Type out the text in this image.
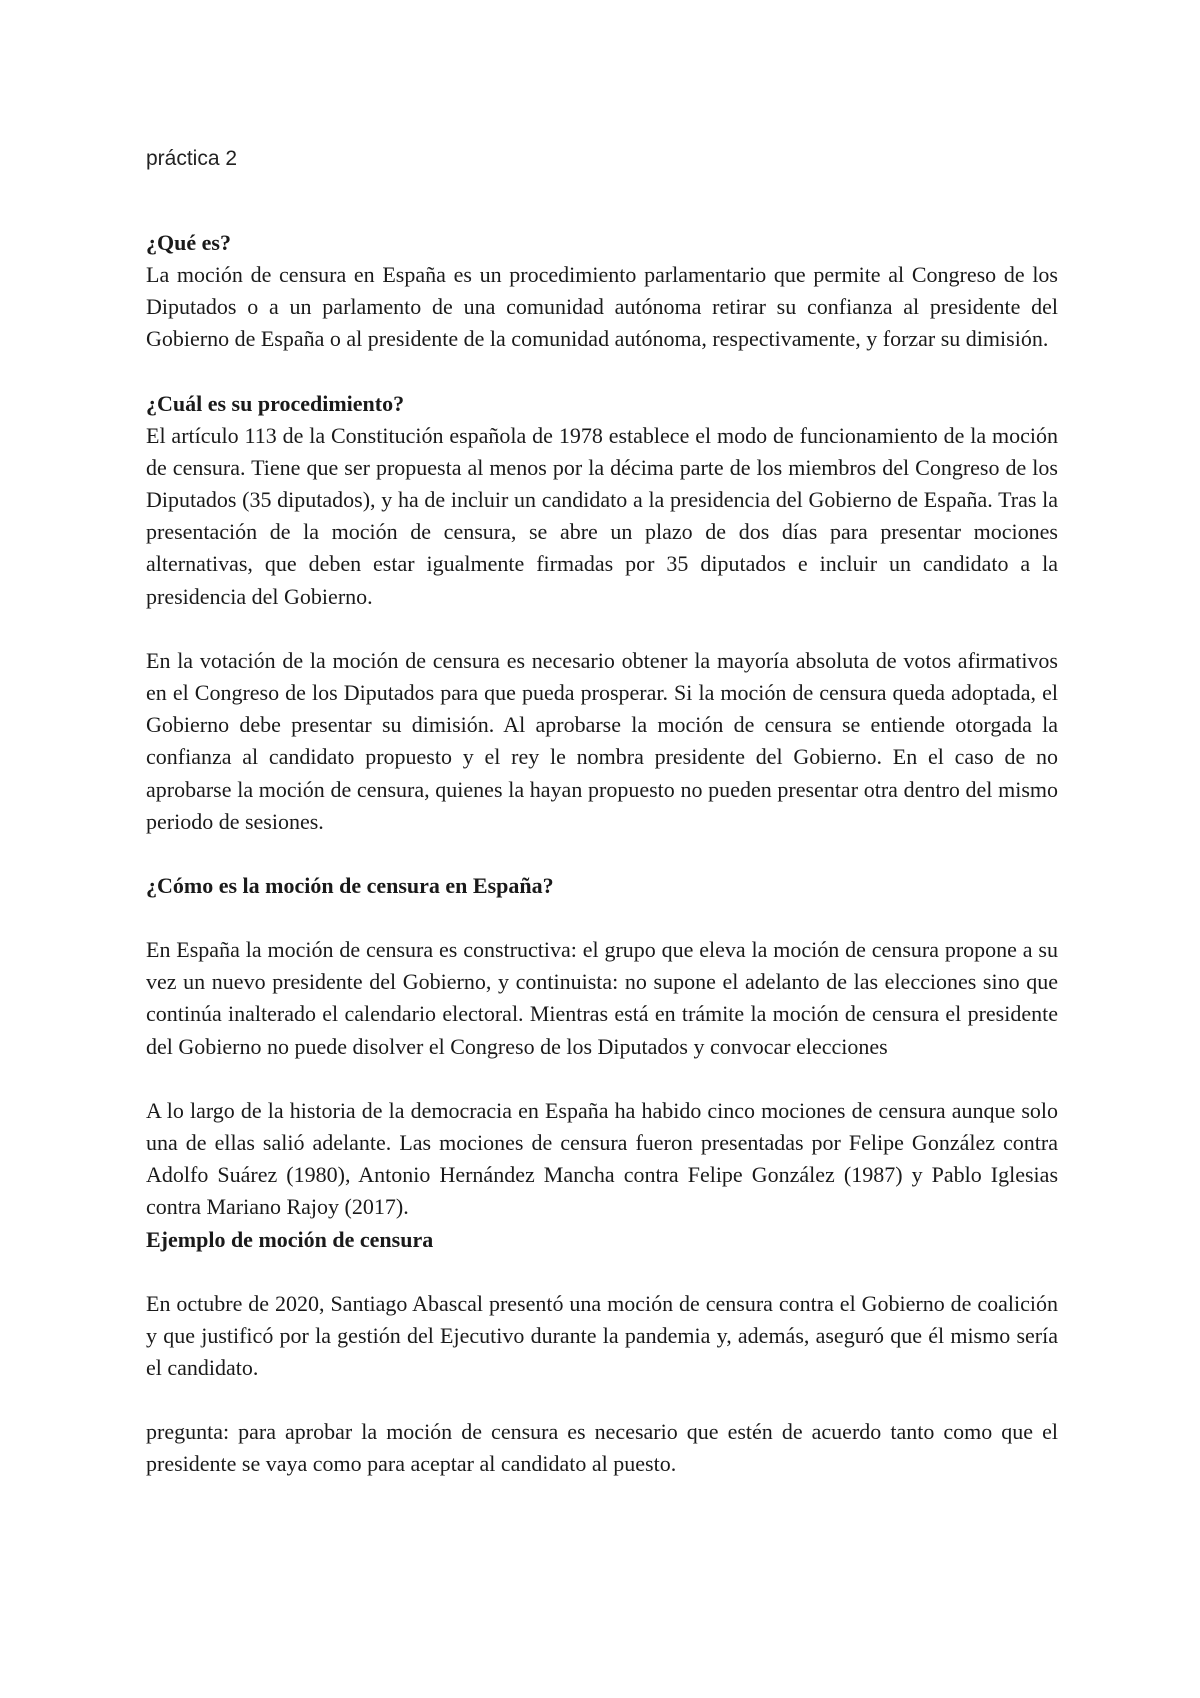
práctica 2

¿Qué es?

La moción de censura en España es un procedimiento parlamentario que permite al Congreso de los Diputados o a un parlamento de una comunidad autónoma retirar su confianza al presidente del Gobierno de España o al presidente de la comunidad autónoma, respectivamente, y forzar su dimisión.

¿Cuál es su procedimiento?

El artículo 113 de la Constitución española de 1978 establece el modo de funcionamiento de la moción de censura. Tiene que ser propuesta al menos por la décima parte de los miembros del Congreso de los Diputados (35 diputados), y ha de incluir un candidato a la presidencia del Gobierno de España. Tras la presentación de la moción de censura, se abre un plazo de dos días para presentar mociones alternativas, que deben estar igualmente firmadas por 35 diputados e incluir un candidato a la presidencia del Gobierno.

En la votación de la moción de censura es necesario obtener la mayoría absoluta de votos afirmativos en el Congreso de los Diputados para que pueda prosperar. Si la moción de censura queda adoptada, el Gobierno debe presentar su dimisión. Al aprobarse la moción de censura se entiende otorgada la confianza al candidato propuesto y el rey le nombra presidente del Gobierno. En el caso de no aprobarse la moción de censura, quienes la hayan propuesto no pueden presentar otra dentro del mismo periodo de sesiones.

¿Cómo es la moción de censura en España?

En España la moción de censura es constructiva: el grupo que eleva la moción de censura propone a su vez un nuevo presidente del Gobierno, y continuista: no supone el adelanto de las elecciones sino que continúa inalterado el calendario electoral. Mientras está en trámite la moción de censura el presidente del Gobierno no puede disolver el Congreso de los Diputados y convocar elecciones

A lo largo de la historia de la democracia en España ha habido cinco mociones de censura aunque solo una de ellas salió adelante. Las mociones de censura fueron presentadas por Felipe González contra Adolfo Suárez (1980), Antonio Hernández Mancha contra Felipe González (1987) y Pablo Iglesias contra Mariano Rajoy (2017).

Ejemplo de moción de censura

En octubre de 2020, Santiago Abascal presentó una moción de censura contra el Gobierno de coalición y que justificó por la gestión del Ejecutivo durante la pandemia y, además, aseguró que él mismo sería el candidato.

pregunta: para aprobar la moción de censura es necesario que estén de acuerdo tanto como que el presidente se vaya como para aceptar al candidato al puesto.
